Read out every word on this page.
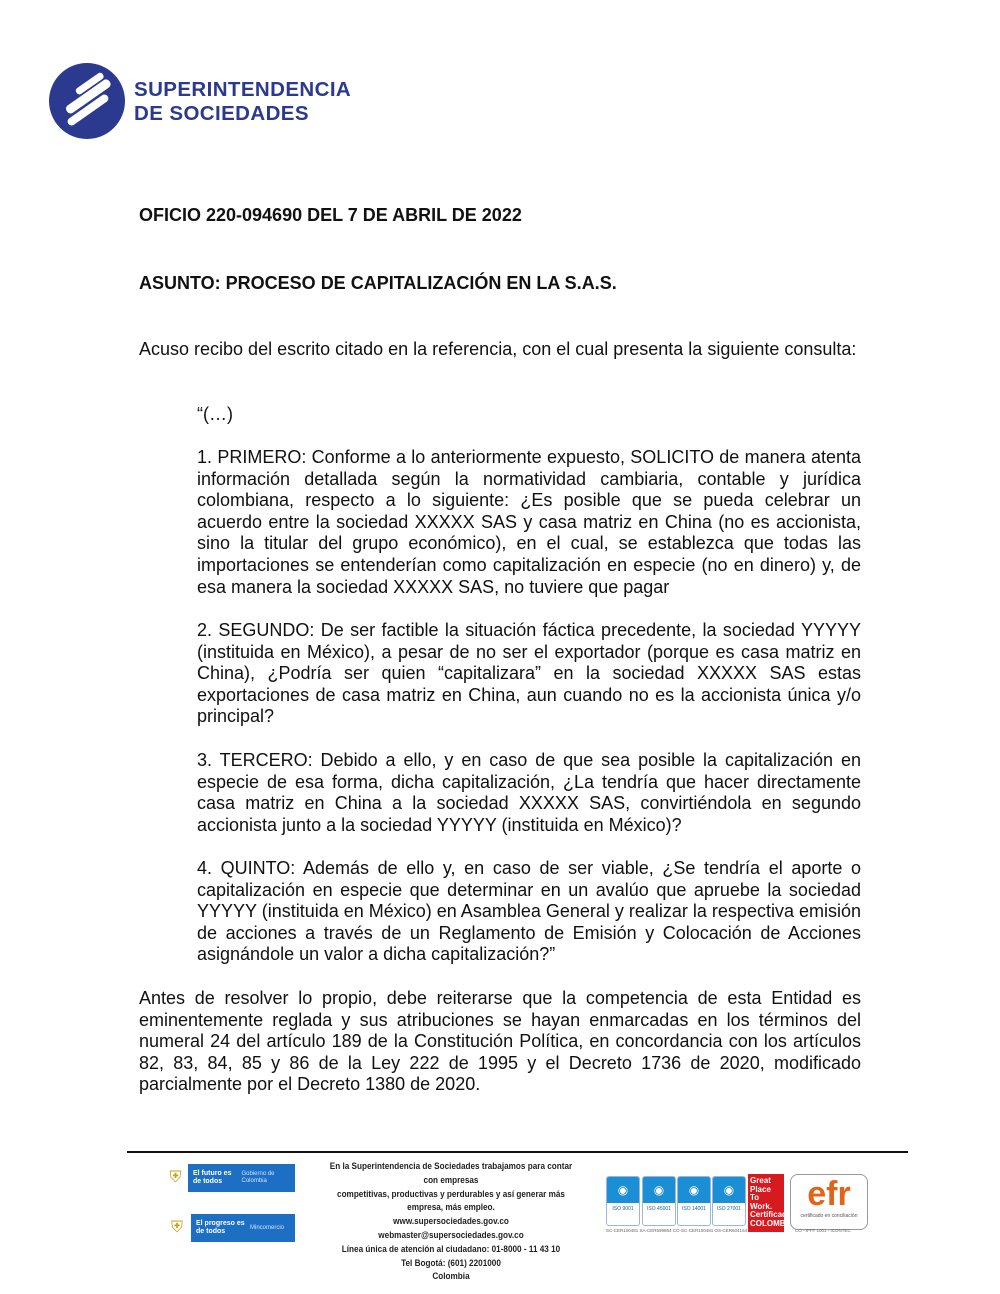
SUPERINTENDENCIA
DE SOCIEDADES
OFICIO 220-094690 DEL 7 DE ABRIL DE 2022
ASUNTO: PROCESO DE CAPITALIZACIÓN EN LA S.A.S.

Acuso recibo del escrito citado en la referencia, con el cual presenta la siguiente consulta:

“(…)

1. PRIMERO: Conforme a lo anteriormente expuesto, SOLICITO de manera atenta información detallada según la normatividad cambiaria, contable y jurídica colombiana, respecto a lo siguiente: ¿Es posible que se pueda celebrar un acuerdo entre la sociedad XXXXX SAS y casa matriz en China (no es accionista, sino la titular del grupo económico), en el cual, se establezca que todas las importaciones se entenderían como capitalización en especie (no en dinero) y, de esa manera la sociedad XXXXX SAS, no tuviere que pagar

2. SEGUNDO: De ser factible la situación fáctica precedente, la sociedad YYYYY (instituida en México), a pesar de no ser el exportador (porque es casa matriz en China), ¿Podría ser quien “capitalizara” en la sociedad XXXXX SAS estas exportaciones de casa matriz en China, aun cuando no es la accionista única y/o principal?

3. TERCERO: Debido a ello, y en caso de que sea posible la capitalización en especie de esa forma, dicha capitalización, ¿La tendría que hacer directamente casa matriz en China a la sociedad XXXXX SAS, convirtiéndola en segundo accionista junto a la sociedad YYYYY (instituida en México)?

4. QUINTO: Además de ello y, en caso de ser viable, ¿Se tendría el aporte o capitalización en especie que determinar en un avalúo que apruebe la sociedad YYYYY (instituida en México) en Asamblea General y realizar la respectiva emisión de acciones a través de un Reglamento de Emisión y Colocación de Acciones asignándole un valor a dicha capitalización?”

Antes de resolver lo propio, debe reiterarse que la competencia de esta Entidad es eminentemente reglada y sus atribuciones se hayan enmarcadas en los términos del numeral 24 del artículo 189 de la Constitución Política, en concordancia con los artículos 82, 83, 84, 85 y 86 de la Ley 222 de 1995 y el Decreto 1736 de 2020, modificado parcialmente por el Decreto 1380 de 2020.

⛨	El futuro es de todos
Gobierno de Colombia
⛨	El progreso es de todos
Mincomercio
En la Superintendencia de Sociedades trabajamos para contar con empresas
competitivas, productivas y perdurables y así generar más empresa, más empleo.
www.supersociedades.gov.co
webmaster@supersociedades.gov.co
Línea única de atención al ciudadano: 01-8000 - 11 43 10
Tel Bogotá: (601) 2201000
Colombia
◉
ISO 9001
◉
ISO 45001
◉
ISO 14001
◉
ISO 27001
Great Place To Work. Certificado COLOMBIA
efr
certificado en conciliación
SC-CER100481 SA-CER599864 CO-SC-CER100481 OS-CER604164	CO - IFFF 1001 - ICONTEC
